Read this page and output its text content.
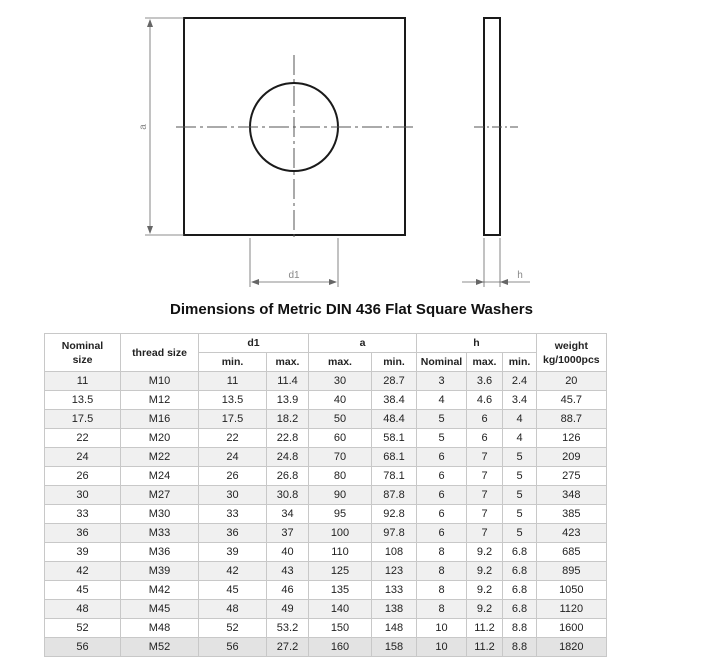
a
d1	h
Dimensions of Metric DIN 436 Flat Square Washers
Nominal size	thread size	d1		a		h			weight kg/1000pcs
		min.	max.	max.	min.	Nominal	max.	min.	
11	M10	11	11.4	30	28.7	3	3.6	2.4	20
13.5	M12	13.5	13.9	40	38.4	4	4.6	3.4	45.7
17.5	M16	17.5	18.2	50	48.4	5	6	4	88.7
22	M20	22	22.8	60	58.1	5	6	4	126
24	M22	24	24.8	70	68.1	6	7	5	209
26	M24	26	26.8	80	78.1	6	7	5	275
30	M27	30	30.8	90	87.8	6	7	5	348
33	M30	33	34	95	92.8	6	7	5	385
36	M33	36	37	100	97.8	6	7	5	423
39	M36	39	40	110	108	8	9.2	6.8	685
42	M39	42	43	125	123	8	9.2	6.8	895
45	M42	45	46	135	133	8	9.2	6.8	1050
48	M45	48	49	140	138	8	9.2	6.8	1120
52	M48	52	53.2	150	148	10	11.2	8.8	1600
56	M52	56	27.2	160	158	10	11.2	8.8	1820
